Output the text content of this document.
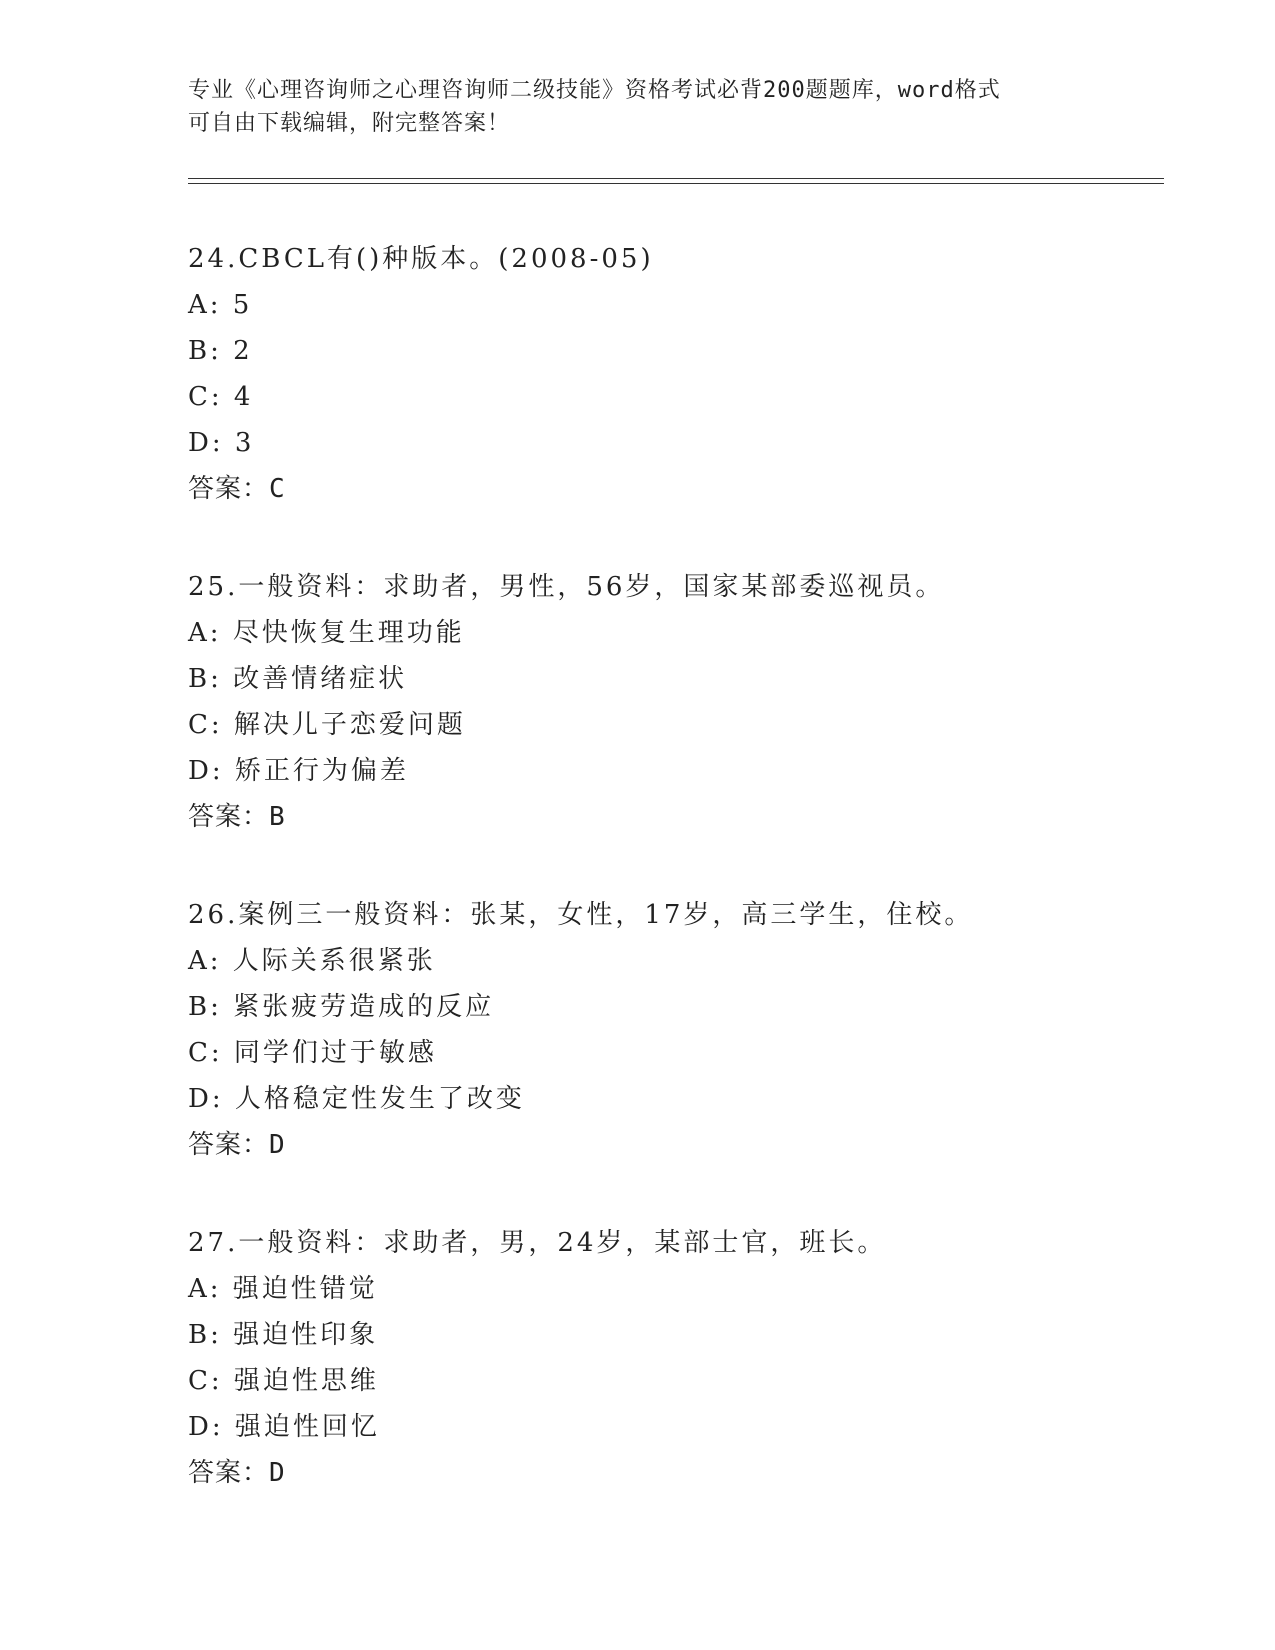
专业《心理咨询师之心理咨询师二级技能》资格考试必背200题题库，word格式
可自由下载编辑，附完整答案！
24.CBCL有()种版本。(2008-05)
A: 5
B: 2
C: 4
D: 3
答案：C
25.一般资料：求助者，男性，56岁，国家某部委巡视员。
A: 尽快恢复生理功能
B: 改善情绪症状
C: 解决儿子恋爱问题
D: 矫正行为偏差
答案：B
26.案例三一般资料：张某，女性，17岁，高三学生，住校。
A: 人际关系很紧张
B: 紧张疲劳造成的反应
C: 同学们过于敏感
D: 人格稳定性发生了改变
答案：D
27.一般资料：求助者，男，24岁，某部士官，班长。
A: 强迫性错觉
B: 强迫性印象
C: 强迫性思维
D: 强迫性回忆
答案：D
